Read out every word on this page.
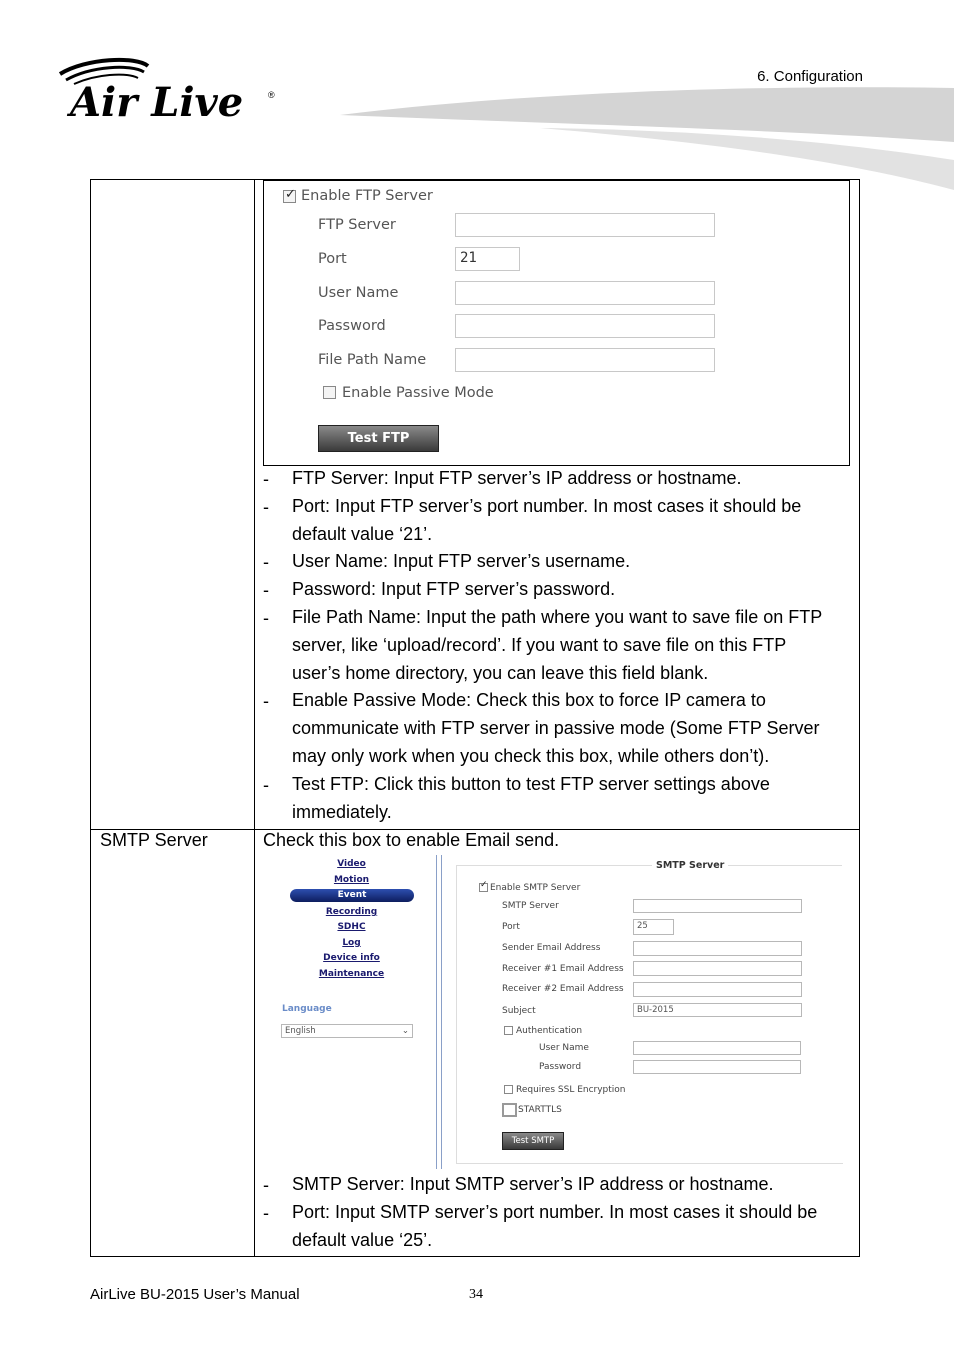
Air Live	®
6. Configuration
✓
Enable FTP Server
FTP Server
Port	21
User Name
Password
File Path Name
Enable Passive Mode
Test FTP
- FTP Server: Input FTP server’s IP address or hostname.
- Port: Input FTP server’s port number. In most cases it should be
default value ‘21’.
- User Name: Input FTP server’s username.
- Password: Input FTP server’s password.
- File Path Name: Input the path where you want to save file on FTP
server, like ‘upload/record’. If you want to save file on this FTP
user’s home directory, you can leave this field blank.
- Enable Passive Mode: Check this box to force IP camera to
communicate with FTP server in passive mode (Some FTP Server
may only work when you check this box, while others don’t).
- Test FTP: Click this button to test FTP server settings above
immediately.
SMTP Server	Check this box to enable Email send.
Video
Motion
Event
Recording
SDHC
Log
Device info
Maintenance
Language
English	⌄
SMTP Server
✓
Enable SMTP Server
SMTP Server
Port	25
Sender Email Address
Receiver #1 Email Address
Receiver #2 Email Address
Subject	BU-2015
Authentication
User Name
Password
Requires SSL Encryption
STARTTLS
Test SMTP
- SMTP Server: Input SMTP server’s IP address or hostname.
- Port: Input SMTP server’s port number. In most cases it should be
default value ‘25’.
AirLive BU-2015 User’s Manual	34
